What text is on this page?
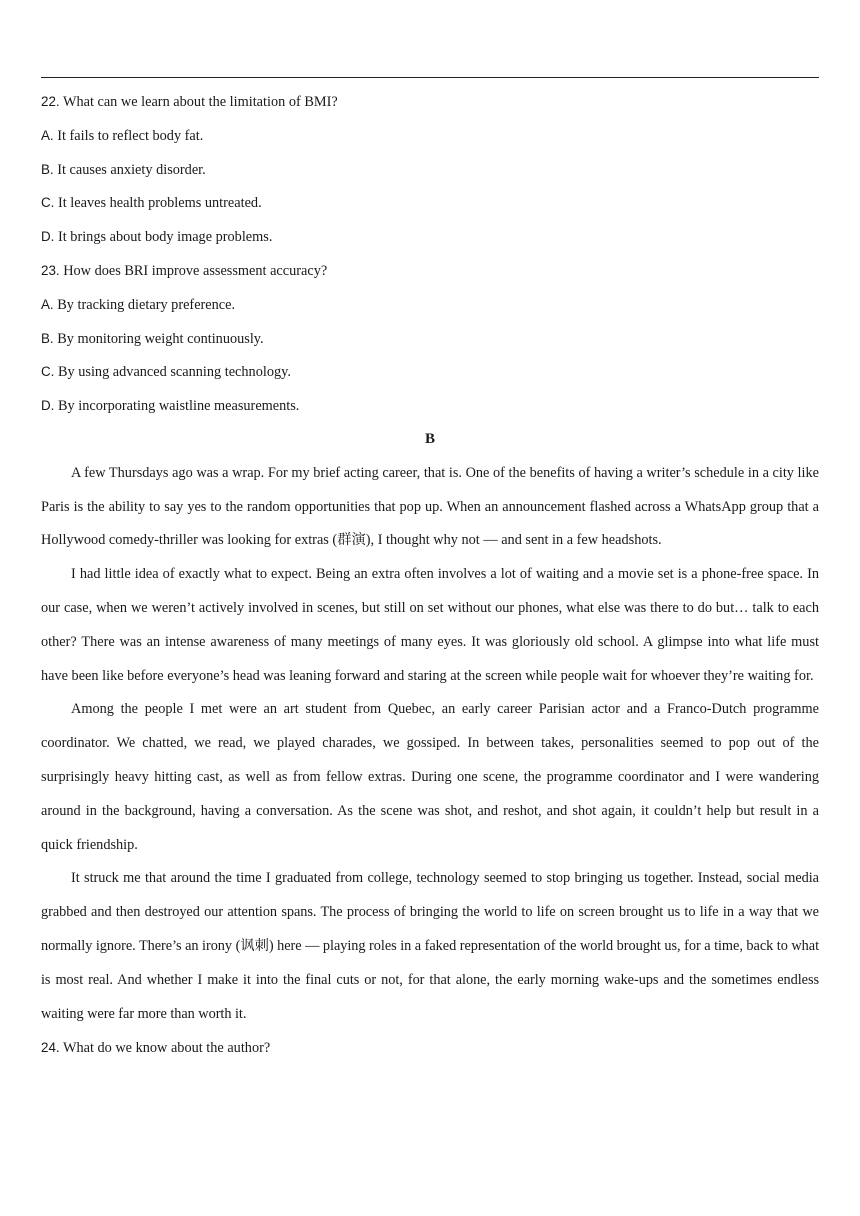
22. What can we learn about the limitation of BMI?
A. It fails to reflect body fat.
B. It causes anxiety disorder.
C. It leaves health problems untreated.
D. It brings about body image problems.
23. How does BRI improve assessment accuracy?
A. By tracking dietary preference.
B. By monitoring weight continuously.
C. By using advanced scanning technology.
D. By incorporating waistline measurements.
B

A few Thursdays ago was a wrap. For my brief acting career, that is. One of the benefits of having a writer’s schedule in a city like Paris is the ability to say yes to the random opportunities that pop up. When an announcement flashed across a WhatsApp group that a Hollywood comedy-thriller was looking for extras (群演), I thought why not — and sent in a few headshots.

I had little idea of exactly what to expect. Being an extra often involves a lot of waiting and a movie set is a phone-free space. In our case, when we weren’t actively involved in scenes, but still on set without our phones, what else was there to do but… talk to each other? There was an intense awareness of many meetings of many eyes. It was gloriously old school. A glimpse into what life must have been like before everyone’s head was leaning forward and staring at the screen while people wait for whoever they’re waiting for.

Among the people I met were an art student from Quebec, an early career Parisian actor and a Franco-Dutch programme coordinator. We chatted, we read, we played charades, we gossiped. In between takes, personalities seemed to pop out of the surprisingly heavy hitting cast, as well as from fellow extras. During one scene, the programme coordinator and I were wandering around in the background, having a conversation. As the scene was shot, and reshot, and shot again, it couldn’t help but result in a quick friendship.

It struck me that around the time I graduated from college, technology seemed to stop bringing us together. Instead, social media grabbed and then destroyed our attention spans. The process of bringing the world to life on screen brought us to life in a way that we normally ignore. There’s an irony (讽刺) here — playing roles in a faked representation of the world brought us, for a time, back to what is most real. And whether I make it into the final cuts or not, for that alone, the early morning wake-ups and the sometimes endless waiting were far more than worth it.

24. What do we know about the author?
